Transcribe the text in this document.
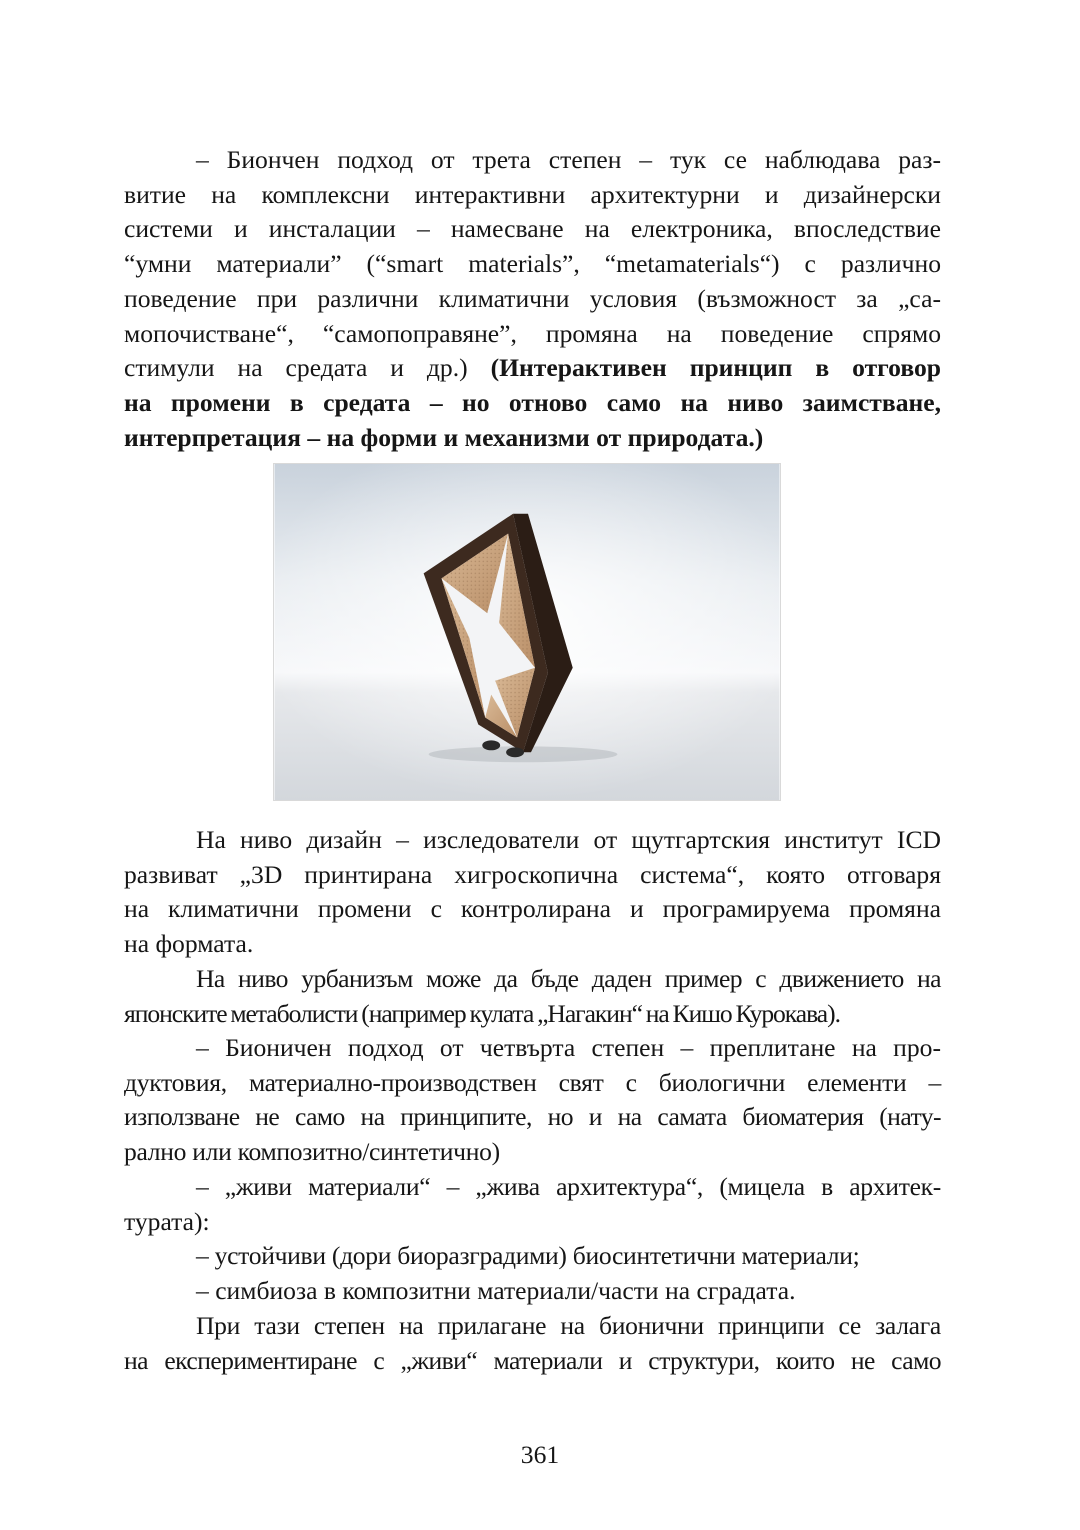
– Биончен подход от трета степен – тук се наблюдава раз-

витие на комплексни интерактивни архитектурни и дизайнерски

системи и инсталации – намесване на електроника, впоследствие

“умни материали” (“smart materials”, “metamaterials“) с различно

поведение при различни климатични условия (възможност за „са-

мопочистване“, “самопоправяне”, промяна на поведение спрямо

стимули на средата и др.) (Интерактивен принцип в отговор

на промени в средата – но отново само на ниво заимстване,

интерпретация – на форми и механизми от природата.)

На ниво дизайн – изследователи от щутгартския институт ICD

развиват „3D принтирана хигроскопична система“, която отговаря

на климатични промени с контролирана и програмируема промяна

на формата.

На ниво урбанизъм може да бъде даден пример с движението на

японските метаболисти (например кулата „Нагакин“ на Кишо Курокава).

– Бионичен подход от четвърта степен – преплитане на про-

дуктовия, материално-производствен свят с биологични елементи –

използване не само на принципите, но и на самата биоматерия (нату-

рално или композитно/синтетично)

– „живи материали“ – „жива архитектура“, (мицела в архитек-

турата):

– устойчиви (дори биоразградими) биосинтетични материали;

– симбиоза в композитни материали/части на сградата.

При тази степен на прилагане на бионични принципи се залага

на експериментиране с „живи“ материали и структури, които не само

361
